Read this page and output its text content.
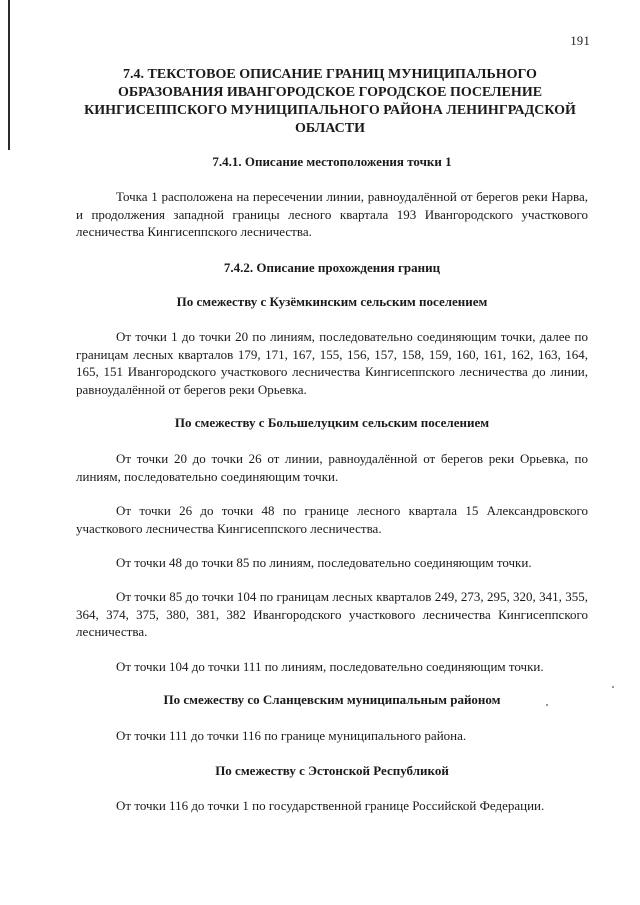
191
7.4. ТЕКСТОВОЕ ОПИСАНИЕ ГРАНИЦ МУНИЦИПАЛЬНОГО ОБРАЗОВАНИЯ ИВАНГОРОДСКОЕ ГОРОДСКОЕ ПОСЕЛЕНИЕ КИНГИСЕППСКОГО МУНИЦИПАЛЬНОГО РАЙОНА ЛЕНИНГРАДСКОЙ ОБЛАСТИ
7.4.1. Описание местоположения точки 1

Точка 1 расположена на пересечении линии, равноудалённой от берегов реки Нарва, и продолжения западной границы лесного квартала 193 Ивангородского участкового лесничества Кингисеппского лесничества.

7.4.2. Описание прохождения границ
По смежеству с Кузёмкинским сельским поселением

От точки 1 до точки 20 по линиям, последовательно соединяющим точки, далее по границам лесных кварталов 179, 171, 167, 155, 156, 157, 158, 159, 160, 161, 162, 163, 164, 165, 151 Ивангородского участкового лесничества Кингисеппского лесничества до линии, равноудалённой от берегов реки Орьевка.

По смежеству с Большелуцким сельским поселением

От точки 20 до точки 26 от линии, равноудалённой от берегов реки Орьевка, по линиям, последовательно соединяющим точки.

От точки 26 до точки 48 по границе лесного квартала 15 Александровского участкового лесничества Кингисеппского лесничества.

От точки 48 до точки 85 по линиям, последовательно соединяющим точки.

От точки 85 до точки 104 по границам лесных кварталов 249, 273, 295, 320, 341, 355, 364, 374, 375, 380, 381, 382 Ивангородского участкового лесничества Кингисеппского лесничества.

От точки 104 до точки 111 по линиям, последовательно соединяющим точки.

По смежеству со Сланцевским муниципальным районом

От точки 111 до точки 116 по границе муниципального района.

По смежеству с Эстонской Республикой

От точки 116 до точки 1 по государственной границе Российской Федерации.
